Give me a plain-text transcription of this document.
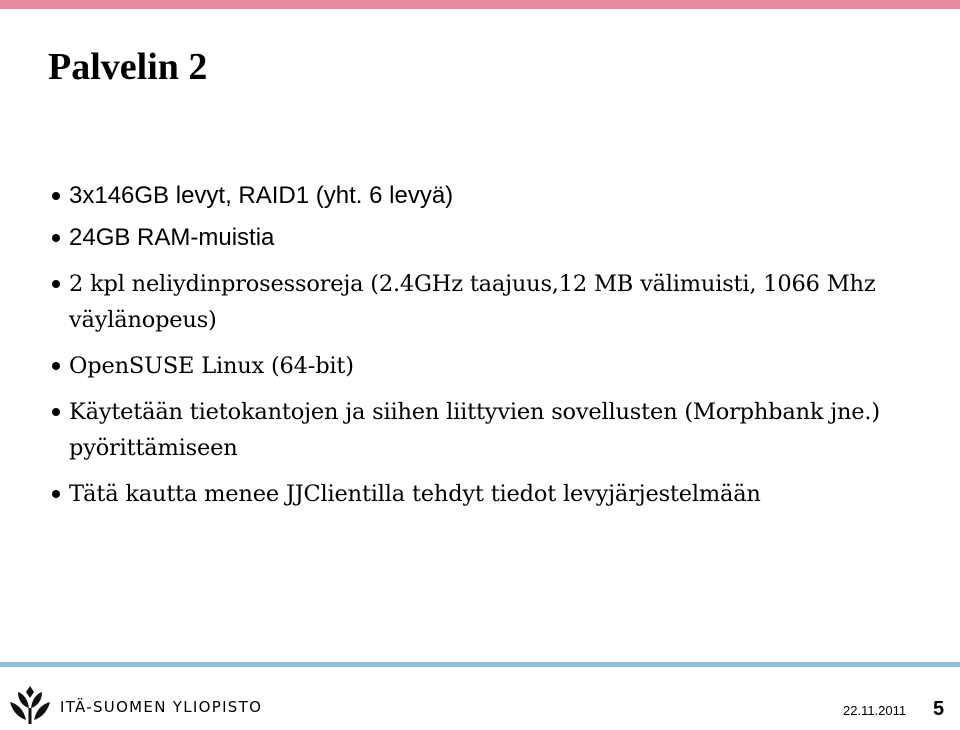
Palvelin 2
3x146GB levyt, RAID1 (yht. 6 levyä)
24GB RAM-muistia
2 kpl neliydinprosessoreja (2.4GHz taajuus,12 MB välimuisti, 1066 Mhz väylänopeus)
OpenSUSE Linux (64-bit)
Käytetään tietokantojen ja siihen liittyvien sovellusten (Morphbank jne.) pyörittämiseen
Tätä kautta menee JJClientilla tehdyt tiedot levyjärjestelmään
ITÄ-SUOMEN YLIOPISTO	22.11.2011 5
